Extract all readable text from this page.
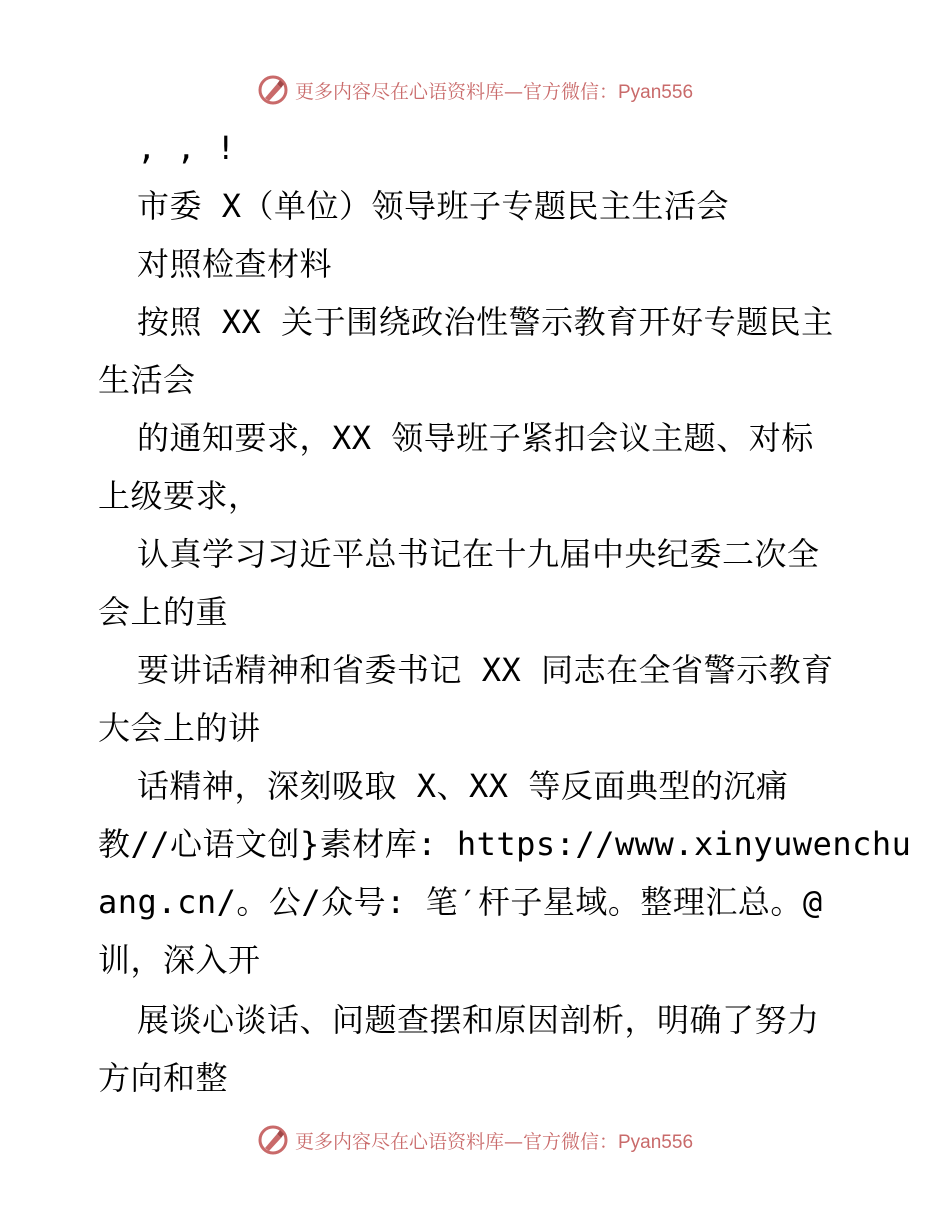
更多内容尽在心语资料库—官方微信：Pyan556
, , !
市委 X（单位）领导班子专题民主生活会
对照检查材料
按照 XX 关于围绕政治性警示教育开好专题民主
生活会
的通知要求，XX 领导班子紧扣会议主题、对标
上级要求，
认真学习习近平总书记在十九届中央纪委二次全
会上的重
要讲话精神和省委书记 XX 同志在全省警示教育
大会上的讲
话精神，深刻吸取 X、XX 等反面典型的沉痛
教//心语文创}素材库: https://www.xinyuwenchu
ang.cn/。公/众号: 笔′杆子星域。整理汇总。@
训，深入开
展谈心谈话、问题查摆和原因剖析，明确了努力
方向和整
更多内容尽在心语资料库—官方微信：Pyan556
